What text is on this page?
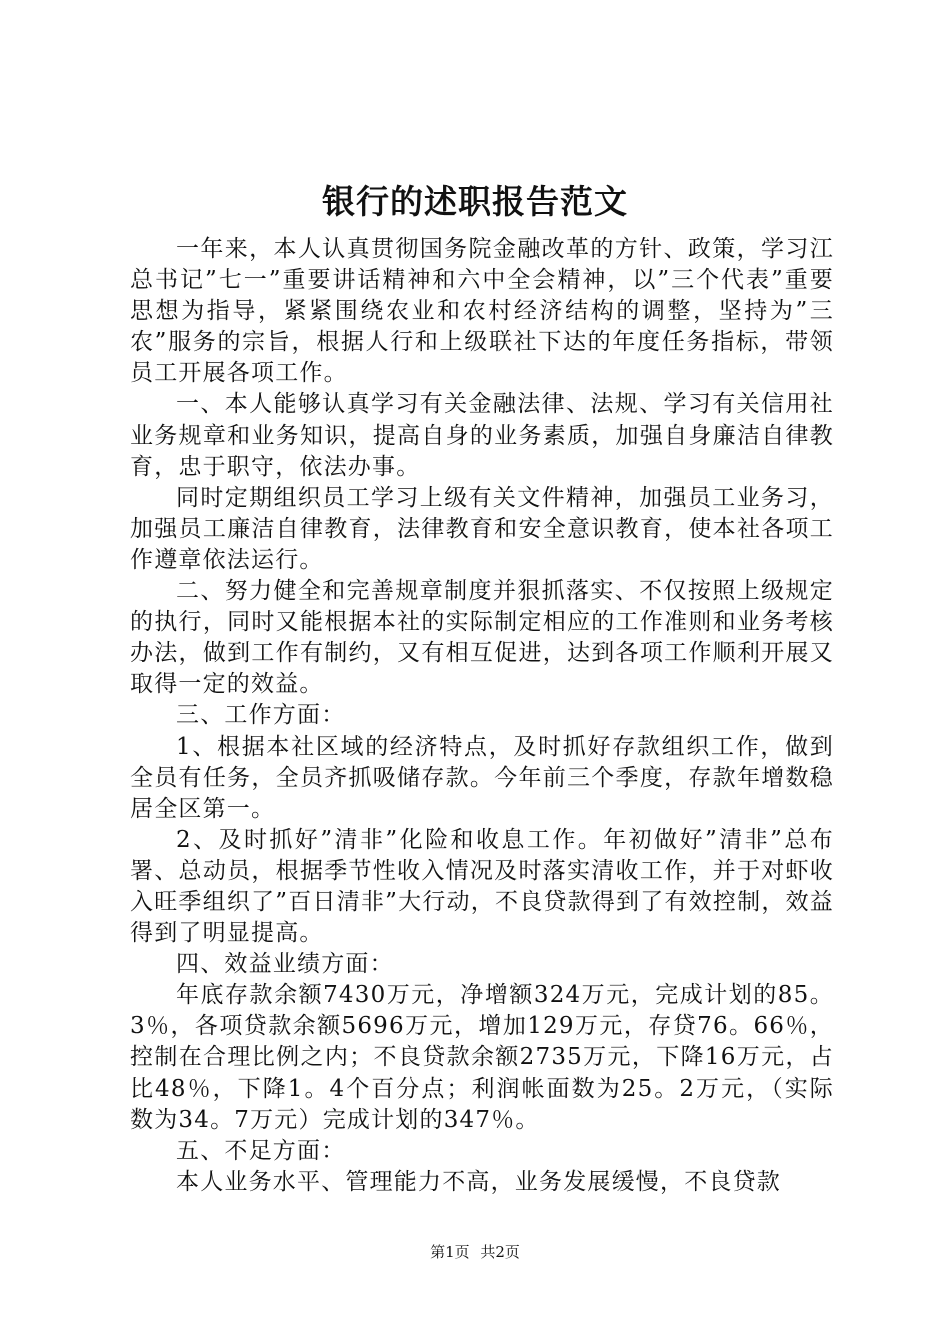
银行的述职报告范文

一年来，本人认真贯彻国务院金融改革的方针、政策，学习江总书记”七一”重要讲话精神和六中全会精神，以”三个代表”重要思想为指导，紧紧围绕农业和农村经济结构的调整，坚持为”三农”服务的宗旨，根据人行和上级联社下达的年度任务指标，带领员工开展各项工作。

一、本人能够认真学习有关金融法律、法规、学习有关信用社业务规章和业务知识，提高自身的业务素质，加强自身廉洁自律教育，忠于职守，依法办事。

同时定期组织员工学习上级有关文件精神，加强员工业务习，加强员工廉洁自律教育，法律教育和安全意识教育，使本社各项工作遵章依法运行。

二、努力健全和完善规章制度并狠抓落实、不仅按照上级规定的执行，同时又能根据本社的实际制定相应的工作准则和业务考核办法，做到工作有制约，又有相互促进，达到各项工作顺利开展又取得一定的效益。

三、工作方面：

1、根据本社区域的经济特点，及时抓好存款组织工作，做到全员有任务，全员齐抓吸储存款。今年前三个季度，存款年增数稳居全区第一。

2、及时抓好”清非”化险和收息工作。年初做好”清非”总布署、总动员，根据季节性收入情况及时落实清收工作，并于对虾收入旺季组织了”百日清非”大行动，不良贷款得到了有效控制，效益得到了明显提高。

四、效益业绩方面：

年底存款余额7430万元，净增额324万元，完成计划的85。3％，各项贷款余额5696万元，增加129万元，存贷76。66％，控制在合理比例之内；不良贷款余额2735万元，下降16万元，占比48％，下降1。4个百分点；利润帐面数为25。2万元，（实际数为34。7万元）完成计划的347％。

五、不足方面：

本人业务水平、管理能力不高，业务发展缓慢，不良贷款

第1页 共2页
